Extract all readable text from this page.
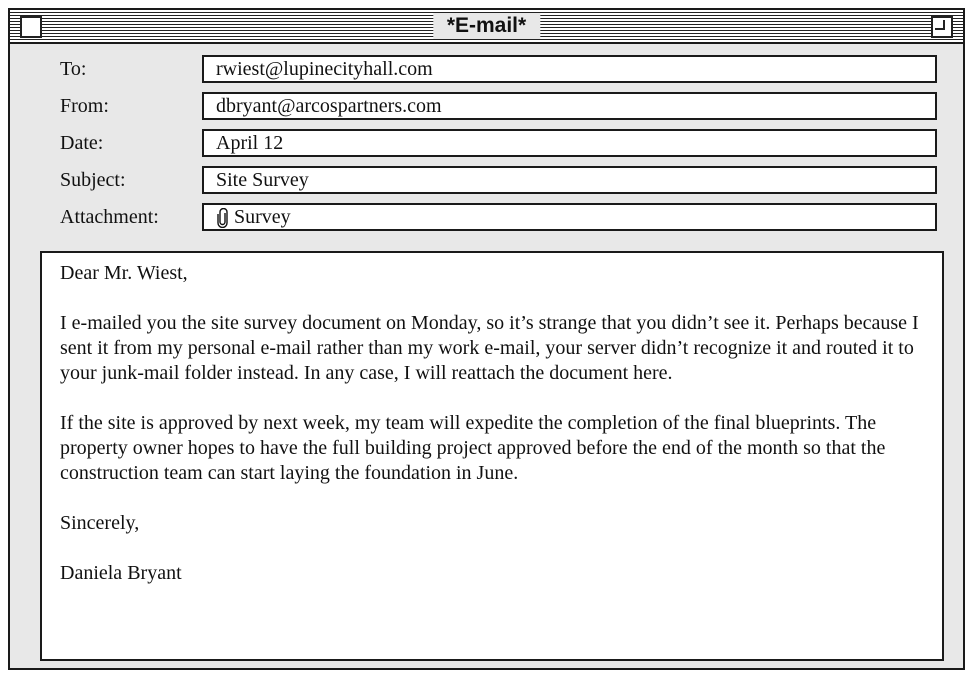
*E-mail*
To:	rwiest@lupinecityhall.com
From:	dbryant@arcospartners.com
Date:	April 12
Subject:	Site Survey
Attachment:	Survey

Dear Mr. Wiest,

I e-mailed you the site survey document on Monday, so it’s strange that you didn’t see it. Perhaps because I sent it from my personal e-mail rather than my work e-mail, your server didn’t recognize it and routed it to your junk-mail folder instead. In any case, I will reattach the document here.

If the site is approved by next week, my team will expedite the completion of the final blueprints. The property owner hopes to have the full building project approved before the end of the month so that the construction team can start laying the foundation in June.

Sincerely,

Daniela Bryant
